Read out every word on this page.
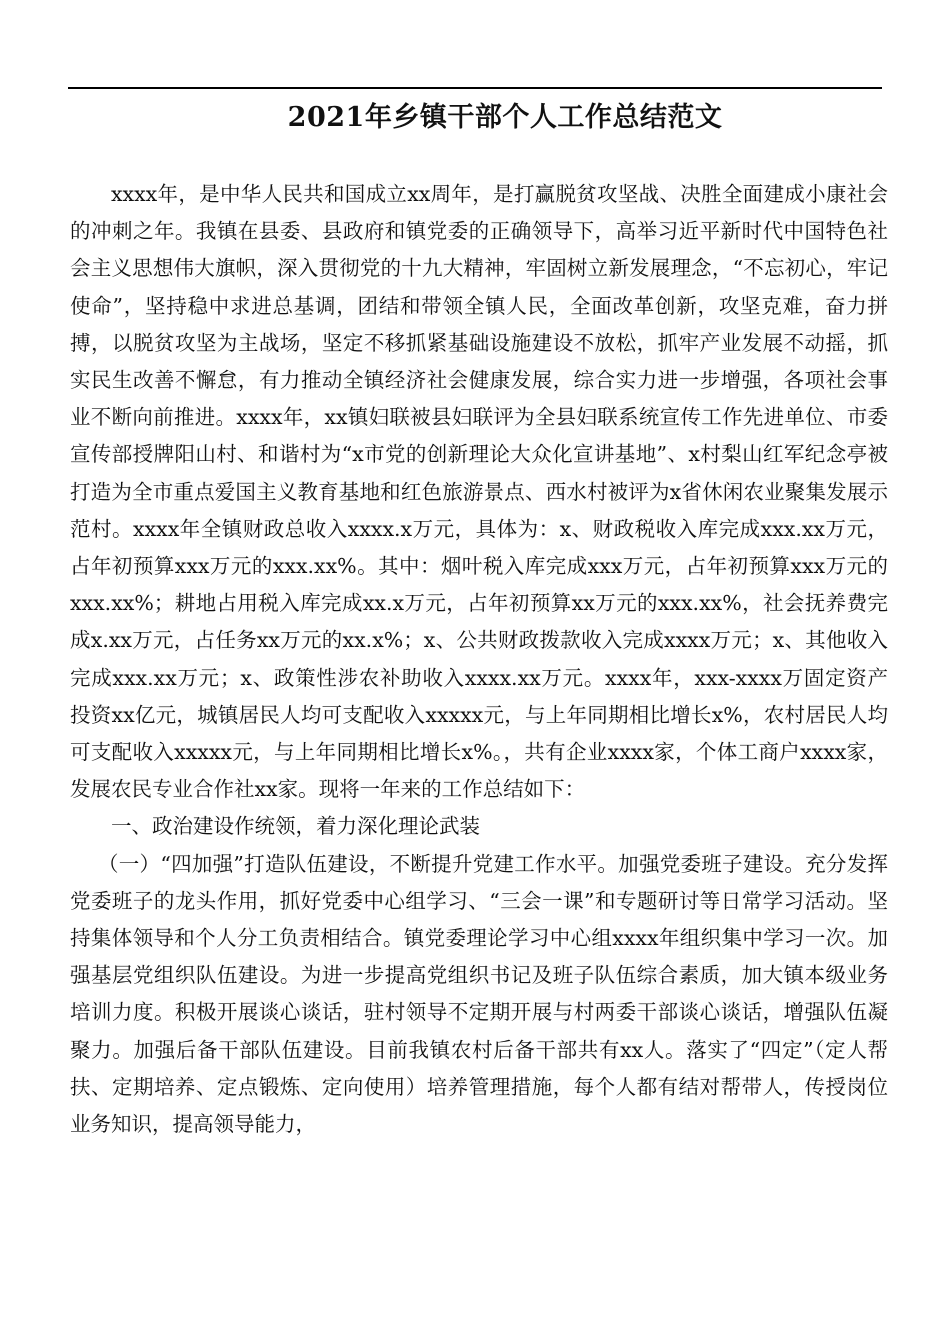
2021年乡镇干部个人工作总结范文

xxxx年，是中华人民共和国成立xx周年，是打赢脱贫攻坚战、决胜全面建成小康社会的冲刺之年。我镇在县委、县政府和镇党委的正确领导下，高举习近平新时代中国特色社会主义思想伟大旗帜，深入贯彻党的十九大精神，牢固树立新发展理念，“不忘初心，牢记使命”，坚持稳中求进总基调，团结和带领全镇人民，全面改革创新，攻坚克难，奋力拼搏，以脱贫攻坚为主战场，坚定不移抓紧基础设施建设不放松，抓牢产业发展不动摇，抓实民生改善不懈怠，有力推动全镇经济社会健康发展，综合实力进一步增强，各项社会事业不断向前推进。xxxx年，xx镇妇联被县妇联评为全县妇联系统宣传工作先进单位、市委宣传部授牌阳山村、和谐村为“x市党的创新理论大众化宣讲基地”、x村梨山红军纪念亭被打造为全市重点爱国主义教育基地和红色旅游景点、西水村被评为x省休闲农业聚集发展示范村。xxxx年全镇财政总收入xxxx.x万元，具体为：x、财政税收入库完成xxx.xx万元，占年初预算xxx万元的xxx.xx%。其中：烟叶税入库完成xxx万元，占年初预算xxx万元的xxx.xx%；耕地占用税入库完成xx.x万元，占年初预算xx万元的xxx.xx%，社会抚养费完成x.xx万元，占任务xx万元的xx.x%；x、公共财政拨款收入完成xxxx万元；x、其他收入完成xxx.xx万元；x、政策性涉农补助收入xxxx.xx万元。xxxx年，xxx-xxxx万固定资产投资xx亿元，城镇居民人均可支配收入xxxxx元，与上年同期相比增长x%，农村居民人均可支配收入xxxxx元，与上年同期相比增长x%。，共有企业xxxx家，个体工商户xxxx家，发展农民专业合作社xx家。现将一年来的工作总结如下：

一、政治建设作统领，着力深化理论武装

（一）“四加强”打造队伍建设，不断提升党建工作水平。加强党委班子建设。充分发挥党委班子的龙头作用，抓好党委中心组学习、“三会一课”和专题研讨等日常学习活动。坚持集体领导和个人分工负责相结合。镇党委理论学习中心组xxxx年组织集中学习一次。加强基层党组织队伍建设。为进一步提高党组织书记及班子队伍综合素质，加大镇本级业务培训力度。积极开展谈心谈话，驻村领导不定期开展与村两委干部谈心谈话，增强队伍凝聚力。加强后备干部队伍建设。目前我镇农村后备干部共有xx人。落实了“四定”（定人帮扶、定期培养、定点锻炼、定向使用）培养管理措施，每个人都有结对帮带人，传授岗位业务知识，提高领导能力，
